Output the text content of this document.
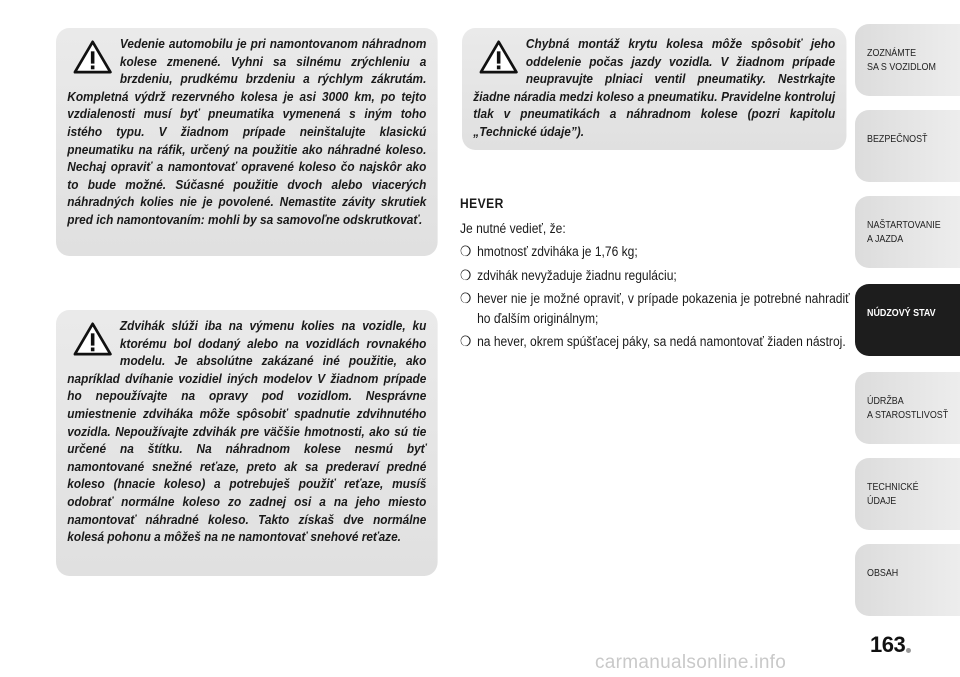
Vedenie automobilu je pri namontovanom náhradnom kolese zmenené. Vyhni sa silnému zrýchleniu a brzdeniu, prudkému brzdeniu a rýchlym zákrutám. Kompletná výdrž rezervného kolesa je asi 3000 km, po tejto vzdialenosti musí byť pneumatika vymenená s iným toho istého typu. V žiadnom prípade neinštalujte klasickú pneumatiku na ráfik, určený na použitie ako náhradné koleso. Nechaj opraviť a namontovať opravené koleso čo najskôr ako to bude možné. Súčasné použitie dvoch alebo viacerých náhradných kolies nie je povolené. Nemastite závity skrutiek pred ich namontovaním: mohli by sa samovoľne odskrutkovať.
Zdvihák slúži iba na výmenu kolies na vozidle, ku ktorému bol dodaný alebo na vozidlách rovnakého modelu. Je absolútne zakázané iné použitie, ako napríklad dvíhanie vozidiel iných modelov V žiadnom prípade ho nepoužívajte na opravy pod vozidlom. Nesprávne umiestnenie zdviháka môže spôsobiť spadnutie zdvihnutého vozidla. Nepoužívajte zdvihák pre väčšie hmotnosti, ako sú tie určené na štítku. Na náhradnom kolese nesmú byť namontované snežné reťaze, preto ak sa prederaví predné koleso (hnacie koleso) a potrebuješ použiť reťaze, musíš odobrať normálne koleso zo zadnej osi a na jeho miesto namontovať náhradné koleso. Takto získaš dve normálne kolesá pohonu a môžeš na ne namontovať snehové reťaze.
Chybná montáž krytu kolesa môže spôsobiť jeho oddelenie počas jazdy vozidla. V žiadnom prípade neupravujte plniaci ventil pneumatiky. Nestrkajte žiadne náradia medzi koleso a pneumatiku. Pravidelne kontroluj tlak v pneumatikách a náhradnom kolese (pozri kapitolu „Technické údaje”).
HEVER

Je nutné vedieť, že:

❍ hmotnosť zdviháka je 1,76 kg;
❍ zdvihák nevyžaduje žiadnu reguláciu;
❍ hever nie je možné opraviť, v prípade pokazenia je potrebné nahradiť ho ďalším originálnym;
❍ na hever, okrem spúšťacej páky, sa nedá namontovať žiaden nástroj.
ZOZNÁMTE
SA S VOZIDLOM
BEZPEČNOSŤ
NAŠTARTOVANIE
A JAZDA
NÚDZOVÝ STAV
ÚDRŽBA
A STAROSTLIVOSŤ
TECHNICKÉ
ÚDAJE
OBSAH
163
carmanualsonline.info
